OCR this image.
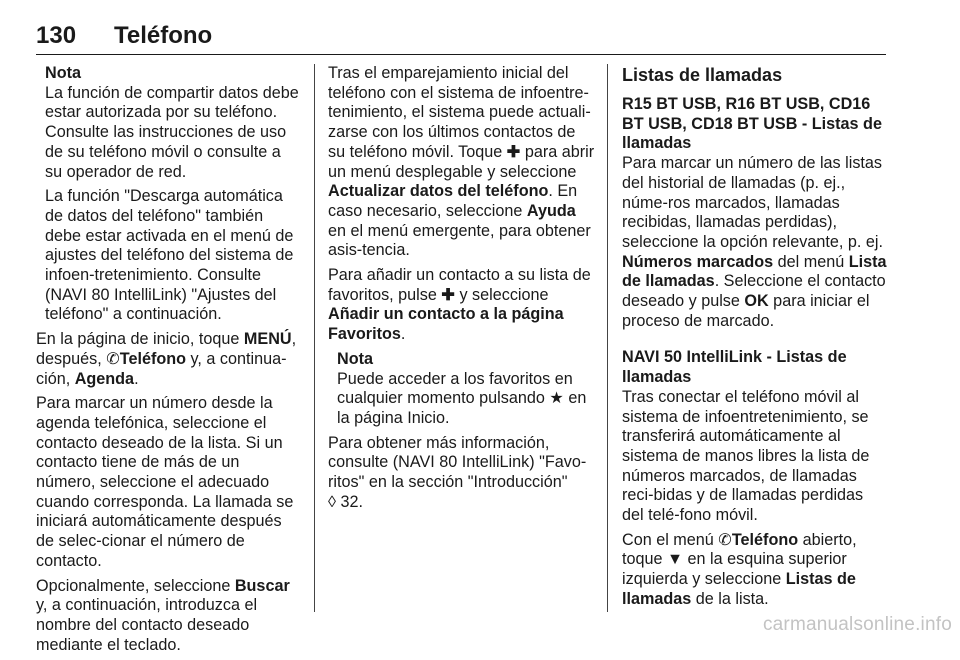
130 Teléfono

Nota

La función de compartir datos debe estar autorizada por su teléfono. Consulte las instrucciones de uso de su teléfono móvil o consulte a su operador de red.

La función "Descarga automática de datos del teléfono" también debe estar activada en el menú de ajustes del teléfono del sistema de infoen-tretenimiento. Consulte (NAVI 80 IntelliLink) "Ajustes del teléfono" a continuación.

En la página de inicio, toque MENÚ, después, ✆Teléfono y, a continua-ción, Agenda.

Para marcar un número desde la agenda telefónica, seleccione el contacto deseado de la lista. Si un contacto tiene de más de un número, seleccione el adecuado cuando corresponda. La llamada se iniciará automáticamente después de selec-cionar el número de contacto.

Opcionalmente, seleccione Buscar y, a continuación, introduzca el nombre del contacto deseado mediante el teclado.

Tras el emparejamiento inicial del teléfono con el sistema de infoentre-tenimiento, el sistema puede actuali-zarse con los últimos contactos de su teléfono móvil. Toque ✚ para abrir un menú desplegable y seleccione Actualizar datos del teléfono. En caso necesario, seleccione Ayuda en el menú emergente, para obtener asis-tencia.

Para añadir un contacto a su lista de favoritos, pulse ✚ y seleccione Añadir un contacto a la página Favoritos.

Nota

Puede acceder a los favoritos en cualquier momento pulsando ★ en la página Inicio.

Para obtener más información, consulte (NAVI 80 IntelliLink) "Favo-ritos" en la sección "Introducción"
◊ 32.

Listas de llamadas

R15 BT USB, R16 BT USB, CD16 BT USB, CD18 BT USB - Listas de llamadas

Para marcar un número de las listas del historial de llamadas (p. ej., núme-ros marcados, llamadas recibidas, llamadas perdidas), seleccione la opción relevante, p. ej. Números marcados del menú Lista de llamadas. Seleccione el contacto deseado y pulse OK para iniciar el proceso de marcado.

NAVI 50 IntelliLink - Listas de llamadas

Tras conectar el teléfono móvil al sistema de infoentretenimiento, se transferirá automáticamente al sistema de manos libres la lista de números marcados, de llamadas reci-bidas y de llamadas perdidas del telé-fono móvil.

Con el menú ✆Teléfono abierto, toque ▼ en la esquina superior izquierda y seleccione Listas de llamadas de la lista.

carmanualsonline.info
